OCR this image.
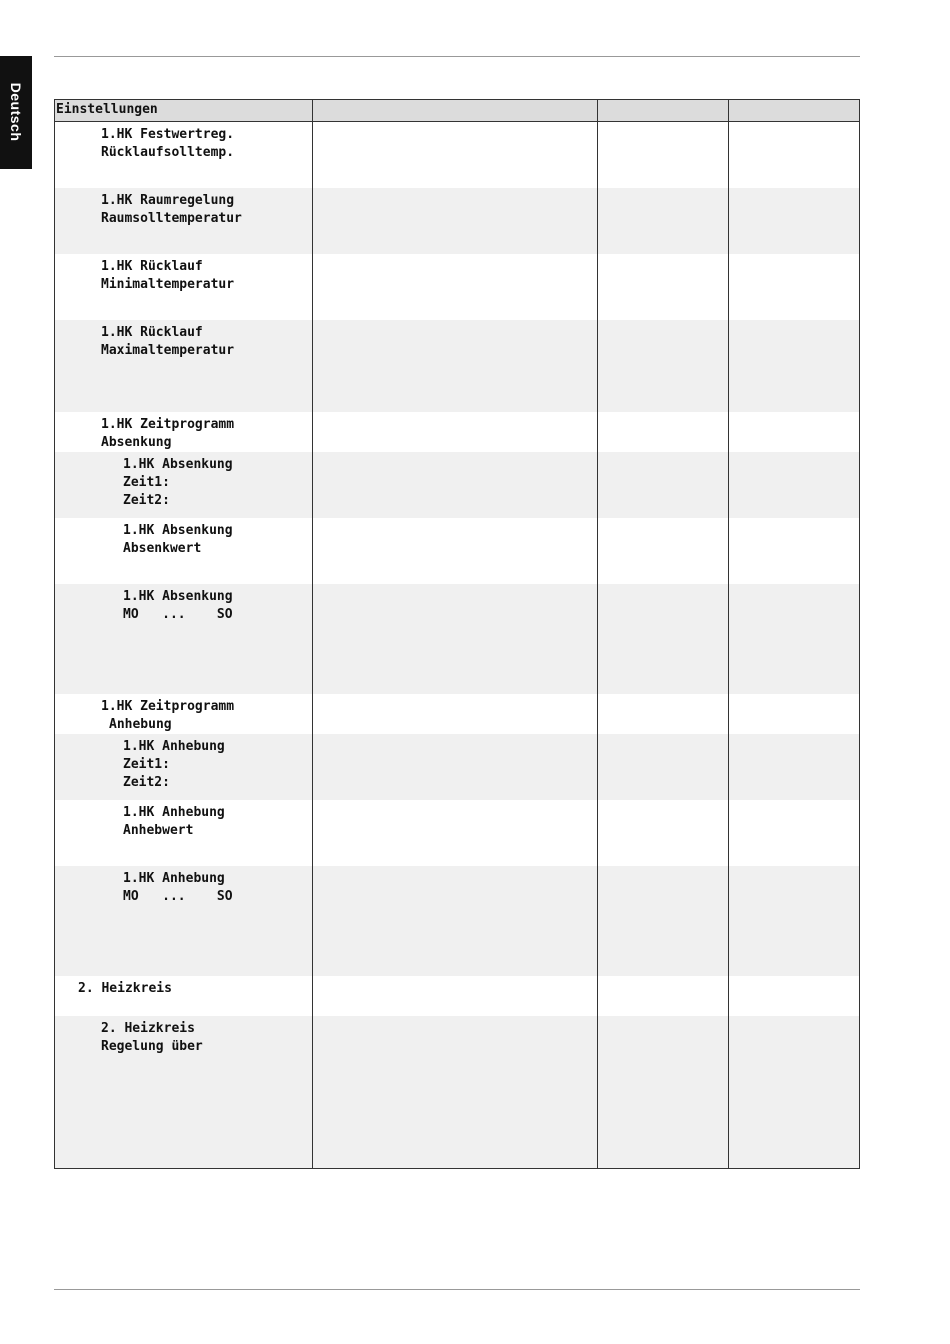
Deutsch Einstellungen
1.HK Festwertreg.
Rücklaufsolltemp.
1.HK Raumregelung
Raumsolltemperatur
1.HK Rücklauf
Minimaltemperatur
1.HK Rücklauf
Maximaltemperatur
1.HK Zeitprogramm
Absenkung
1.HK Absenkung
Zeit1:
Zeit2:
1.HK Absenkung
Absenkwert
1.HK Absenkung
MO   ...    SO
1.HK Zeitprogramm
Anhebung
1.HK Anhebung
Zeit1:
Zeit2:
1.HK Anhebung
Anhebwert
1.HK Anhebung
MO   ...    SO
2. Heizkreis
2. Heizkreis
Regelung über
